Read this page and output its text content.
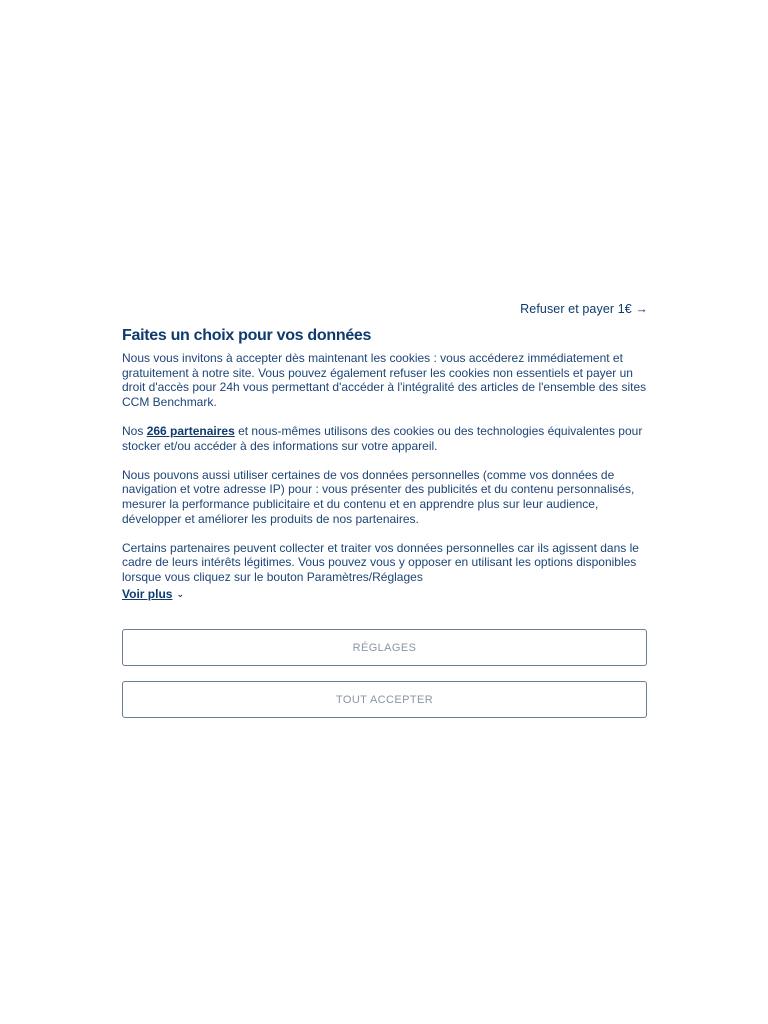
Refuser et payer 1€ →
Faites un choix pour vos données

Nous vous invitons à accepter dès maintenant les cookies : vous accéderez immédiatement et gratuitement à notre site. Vous pouvez également refuser les cookies non essentiels et payer un droit d'accès pour 24h vous permettant d'accéder à l'intégralité des articles de l'ensemble des sites CCM Benchmark.

Nos 266 partenaires et nous-mêmes utilisons des cookies ou des technologies équivalentes pour stocker et/ou accéder à des informations sur votre appareil.

Nous pouvons aussi utiliser certaines de vos données personnelles (comme vos données de navigation et votre adresse IP) pour : vous présenter des publicités et du contenu personnalisés, mesurer la performance publicitaire et du contenu et en apprendre plus sur leur audience, développer et améliorer les produits de nos partenaires.

Certains partenaires peuvent collecter et traiter vos données personnelles car ils agissent dans le cadre de leurs intérêts légitimes. Vous pouvez vous y opposer en utilisant les options disponibles lorsque vous cliquez sur le bouton Paramètres/Réglages

Voir plus ⌄
RÉGLAGES
TOUT ACCEPTER
